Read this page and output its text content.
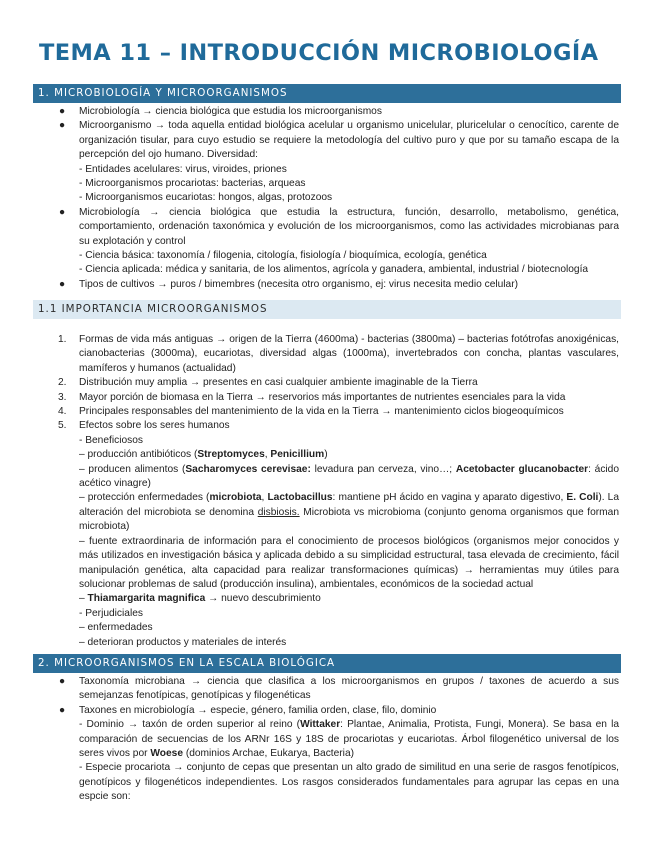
TEMA 11 – INTRODUCCIÓN MICROBIOLOGÍA
1. MICROBIOLOGÍA Y MICROORGANISMOS
● Microbiología → ciencia biológica que estudia los microorganismos
● Microorganismo → toda aquella entidad biológica acelular u organismo unicelular, pluricelular o cenocítico, carente de organización tisular, para cuyo estudio se requiere la metodología del cultivo puro y que por su tamaño escapa de la percepción del ojo humano. Diversidad:
- Entidades acelulares: virus, viroides, priones
- Microorganismos procariotas: bacterias, arqueas
- Microorganismos eucariotas: hongos, algas, protozoos
● Microbiología → ciencia biológica que estudia la estructura, función, desarrollo, metabolismo, genética, comportamiento, ordenación taxonómica y evolución de los microorganismos, como las actividades microbianas para su explotación y control
- Ciencia básica: taxonomía / filogenia, citología, fisiología / bioquímica, ecología, genética
- Ciencia aplicada: médica y sanitaria, de los alimentos, agrícola y ganadera, ambiental, industrial / biotecnología
● Tipos de cultivos → puros / bimembres (necesita otro organismo, ej: virus necesita medio celular)
1.1 IMPORTANCIA MICROORGANISMOS
1. Formas de vida más antiguas → origen de la Tierra (4600ma) - bacterias (3800ma) – bacterias fotótrofas anoxigénicas, cianobacterias (3000ma), eucariotas, diversidad algas (1000ma), invertebrados con concha, plantas vasculares, mamíferos y humanos (actualidad)
2. Distribución muy amplia → presentes en casi cualquier ambiente imaginable de la Tierra
3. Mayor porción de biomasa en la Tierra → reservorios más importantes de nutrientes esenciales para la vida
4. Principales responsables del mantenimiento de la vida en la Tierra → mantenimiento ciclos biogeoquímicos
5. Efectos sobre los seres humanos
- Beneficiosos
– producción antibióticos (Streptomyces, Penicillium)
– producen alimentos (Sacharomyces cerevisae: levadura pan cerveza, vino…; Acetobacter glucanobacter: ácido acético vinagre)
– protección enfermedades (microbiota, Lactobacillus: mantiene pH ácido en vagina y aparato digestivo, E. Coli). La alteración del microbiota se denomina disbiosis. Microbiota vs microbioma (conjunto genoma organismos que forman microbiota)
– fuente extraordinaria de información para el conocimiento de procesos biológicos (organismos mejor conocidos y más utilizados en investigación básica y aplicada debido a su simplicidad estructural, tasa elevada de crecimiento, fácil manipulación genética, alta capacidad para realizar transformaciones químicas) → herramientas muy útiles para solucionar problemas de salud (producción insulina), ambientales, económicos de la sociedad actual
– Thiamargarita magnifica → nuevo descubrimiento
- Perjudiciales
– enfermedades
– deterioran productos y materiales de interés
2. MICROORGANISMOS EN LA ESCALA BIOLÓGICA
● Taxonomía microbiana → ciencia que clasifica a los microorganismos en grupos / taxones de acuerdo a sus semejanzas fenotípicas, genotípicas y filogenéticas
● Taxones en microbiología → especie, género, familia orden, clase, filo, dominio
- Dominio → taxón de orden superior al reino (Wittaker: Plantae, Animalia, Protista, Fungi, Monera). Se basa en la comparación de secuencias de los ARNr 16S y 18S de procariotas y eucariotas. Árbol filogenético universal de los seres vivos por Woese (dominios Archae, Eukarya, Bacteria)
- Especie procariota → conjunto de cepas que presentan un alto grado de similitud en una serie de rasgos fenotípicos, genotípicos y filogenéticos independientes. Los rasgos considerados fundamentales para agrupar las cepas en una espcie son:
